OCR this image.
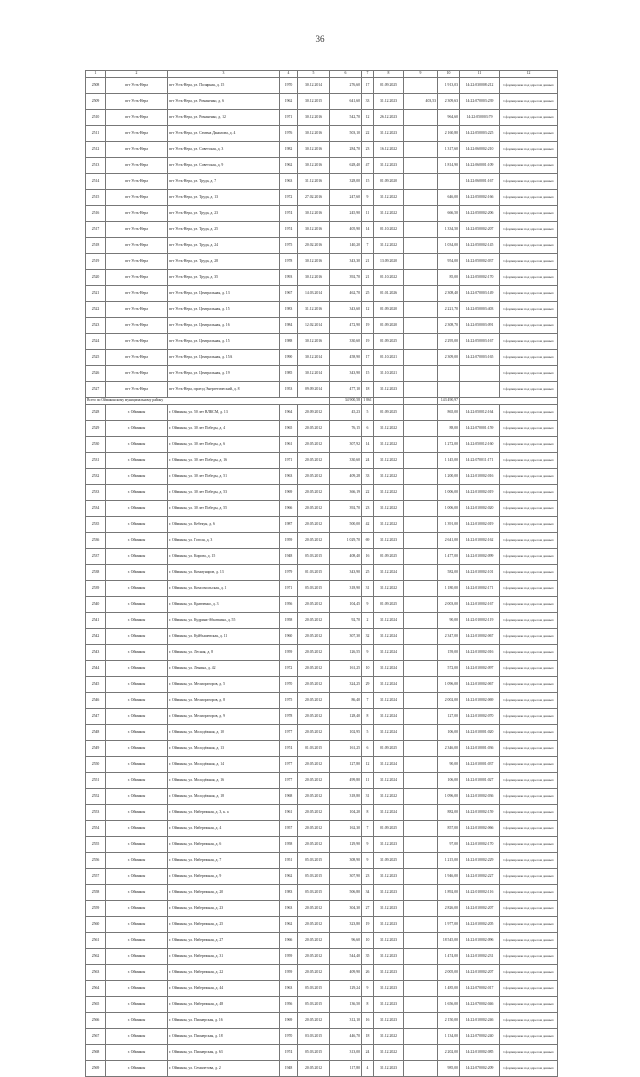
36
1	2	3	4	5	6	7	8	9	10	11	12
2508	пгт Усть-Нера	пгт Усть-Нера, ул. Полярная, д. 15	1970	30.12.2014	276,60	17	01.09.2025		1 913,03	14:22:030008:212	Сформирован под адресом данных
2509	пгт Усть-Нера	пгт Усть-Нера, ул. Романенко, д. 6	1962	30.12.2015	641,60	33	31.12.2023	403,53	2 309,63	14:22:070003:239	Сформирован под адресом данных
2510	пгт Усть-Нера	пгт Усть-Нера, ул. Романенко, д. 12	1971	30.12.2016	542,70	12	26.12.2023		964,60	14:22:050003:79	Сформирован под адресом данных
2511	пгт Усть-Нера	пгт Усть-Нера, ул. Семена Данилова, д. 4	1976	30.12.2016	503,10	22	31.12.2023		2 160,80	14:22:050003:225	Сформирован под адресом данных
2512	пгт Усть-Нера	пгт Усть-Нера, ул. Советская, д. 3	1982	30.12.2016	284,70	23	16.12.2022		1 317,60	14:22:060002:210	Сформирован под адресом данных
2513	пгт Усть-Нера	пгт Усть-Нера, ул. Советская, д. 9	1962	30.12.2016	628,40	47	31.12.2023		1 814,90	14:22:060001:109	Сформирован под адресом данных
2514	пгт Усть-Нера	пгт Усть-Нера, ул. Труда, д. 7	1963	31.12.2016	328,00	15	01.09.2020			14:22:060001:167	Сформирован под адресом данных
2515	пгт Усть-Нера	пгт Усть-Нера, ул. Труда, д. 13	1972	27.02.2016	247,60	9	31.12.2022		646,00	14:22:050002:166	Сформирован под адресом данных
2516	пгт Усть-Нера	пгт Усть-Нера, ул. Труда, д. 23	1974	30.12.2016	245,90	11	31.12.2022		666,50	14:22:050002:206	Сформирован под адресом данных
2517	пгт Усть-Нера	пгт Усть-Нера, ул. Труда, д. 25	1974	30.12.2016	405,90	14	01.10.2022		1 334,50	14:22:050002:207	Сформирован под адресом данных
2518	пгт Усть-Нера	пгт Усть-Нера, ул. Труда, д. 24	1975	20.02.2016	140,20	7	31.12.2022		1 034,00	14:22:050002:145	Сформирован под адресом данных
2519	пгт Усть-Нера	пгт Усть-Нера, ул. Труда, д. 28	1978	30.12.2016	343,30	21	13.09.2020		954,00	14:22:050002:037	Сформирован под адресом данных
2520	пгт Усть-Нера	пгт Усть-Нера, ул. Труда, д. 35	1993	30.12.2016	392,70	21	01.10.2022		85,00	14:22:050002:170	Сформирован под адресом данных
2521	пгт Усть-Нера	пгт Усть-Нера, ул. Центральная, д. 13	1967	14.03.2014	462,70	25	01.01.2026		2 308,40	14:22:070003:149	Сформирован под адресом данных
2522	пгт Усть-Нера	пгт Усть-Нера, ул. Центральная, д. 15	1983	31.12.2016	343,60	12	01.09.2020		2 221,70	14:22:050003:403	Сформирован под адресом данных
2523	пгт Усть-Нера	пгт Усть-Нера, ул. Центральная, д. 16	1984	12.02.2014	472,90	19	01.09.2020		2 308,70	14:22:050003:091	Сформирован под адресом данных
2524	пгт Усть-Нера	пгт Усть-Нера, ул. Центральная, д. 15	1988	30.12.2016	330,60	19	01.09.2025		2 295,00	14:22:050003:167	Сформирован под адресом данных
2525	пгт Усть-Нера	пгт Усть-Нера, ул. Центральная, д. 15А	1990	30.12.2014	458,90	17	01.10.2021		2 309,00	14:22:070003:165	Сформирован под адресом данных
2526	пгт Усть-Нера	пгт Усть-Нера, ул. Центральная, д. 19	1985	30.12.2014	343,90	15	31.10.2021				Сформирован под адресом данных
2527	пгт Усть-Нера	пгт Усть-Нера, проезд Энергетический, д. 8	1953	09.09.2014	477,10	18	31.12.2023				Сформирован под адресом данных
Всего по Оймяконскому муниципальному району					34 900,58	1 861			143 490,97		
2528	г. Оймякон	г. Оймякон, ул. 50 лет ВЛКСМ, д. 13	1964	20.09.2012	45,23	5	01.09.2025		865,00	14:22:050012:164	Сформирован под адресом данных
2529	г. Оймякон	г. Оймякон, ул. 30 лет Победы, д. 4	1965	20.05.2012	76,15	6	31.12.2022		88,00	14:22:070001:159	Сформирован под адресом данных
2530	г. Оймякон	г. Оймякон, ул. 30 лет Победы, д. 6	1961	20.05.2012	307,92	14	31.12.2022		1 272,00	14:22:050012:160	Сформирован под адресом данных
2531	г. Оймякон	г. Оймякон, ул. 30 лет Победы, д. 16	1971	20.05.2012	330,60	24	31.12.2022		1 145,00	14:22:070011:171	Сформирован под адресом данных
2532	г. Оймякон	г. Оймякон, ул. 30 лет Победы, д. 51	1963	20.05.2012	409,28	33	31.12.2022		1 200,00	14:22:010002:016	Сформирован под адресом данных
2533	г. Оймякон	г. Оймякон, ул. 30 лет Победы, д. 53	1969	20.05.2012	366,19	22	31.12.2022		1 006,00	14:22:010002:019	Сформирован под адресом данных
2534	г. Оймякон	г. Оймякон, ул. 30 лет Победы, д. 55	1966	20.05.2012	392,70	23	31.12.2022		1 006,00	14:22:010002:020	Сформирован под адресом данных
2535	г. Оймякон	г. Оймякон, ул. Кебекун, д. 6	1987	20.05.2012	500,00	42	31.12.2022		1 391,00	14:22:010002:019	Сформирован под адресом данных
2536	г. Оймякон	г. Оймякон, ул. Гоголя, д. 3	1959	20.05.2012	1 029,70	69	31.12.2023		2 641,00	14:22:010002:162	Сформирован под адресом данных
2537	г. Оймякон	г. Оймякон, ул. Кирова, д. 15	1948	05.03.2015	408,40	16	01.09.2025		1 477,00	14:22:010002:099	Сформирован под адресом данных
2538	г. Оймякон	г. Оймякон, ул. Коммунаров, д. 13	1979	01.03.2015	343,90	25	31.12.2024		582,00	14:22:010002:101	Сформирован под адресом данных
2539	г. Оймякон	г. Оймякон, ул. Комсомольская, д. 1	1971	05.03.2015	318,90	31	31.12.2022		1 180,00	14:22:010002:171	Сформирован под адресом данных
2540	г. Оймякон	г. Оймякон, ул. Кравченко, д. 3	1956	20.05.2012	104,45	9	01.09.2025		2 003,00	14:22:010002:167	Сформирован под адресом данных
2541	г. Оймякон	г. Оймякон, ул. Кудрина-Абкаткина, д. 55	1958	20.05.2012	92,70	2	31.12.2024		90,00	14:22:010002:119	Сформирован под адресом данных
2542	г. Оймякон	г. Оймякон, ул. Куйбышевская, д. 11	1960	20.05.2012	307,30	32	31.12.2024		2 347,00	14:22:010002:067	Сформирован под адресом данных
2543	г. Оймякон	г. Оймякон, ул. Лесная, д. 8	1959	20.05.2012	126,55	9	31.12.2024		159,00	14:22:010002:016	Сформирован под адресом данных
2544	г. Оймякон	г. Оймякон, ул. Ленина, д. 42	1972	20.05.2012	161,25	10	31.12.2024		572,00	14:22:010002:097	Сформирован под адресом данных
2545	г. Оймякон	г. Оймякон, ул. Мелиораторов, д. 5	1970	20.05.2012	324,25	29	31.12.2024		1 096,00	14:22:010002:067	Сформирован под адресом данных
2546	г. Оймякон	г. Оймякон, ул. Мелиораторов, д. 8	1975	20.05.2012	86,40	7	31.12.2024		2 002,00	14:22:010002:069	Сформирован под адресом данных
2547	г. Оймякон	г. Оймякон, ул. Мелиораторов, д. 9	1978	20.05.2012	128,40	8	31.12.2024		127,00	14:22:010002:070	Сформирован под адресом данных
2548	г. Оймякон	г. Оймякон, ул. Молодёжная, д. 10	1977	20.05.2012	102,95	5	31.12.2024		106,00	14:22:010001:020	Сформирован под адресом данных
2549	г. Оймякон	г. Оймякон, ул. Молодёжная, д. 13	1974	01.03.2015	161,25	6	01.09.2025		2 346,00	14:22:010001:036	Сформирован под адресом данных
2550	г. Оймякон	г. Оймякон, ул. Молодёжная, д. 14	1977	20.05.2012	127,80	12	31.12.2024		90,00	14:22:010001:037	Сформирован под адресом данных
2551	г. Оймякон	г. Оймякон, ул. Молодёжная, д. 16	1977	20.05.2012	499,80	11	31.12.2024		106,00	14:22:010001:027	Сформирован под адресом данных
2552	г. Оймякон	г. Оймякон, ул. Молодёжная, д. 18	1968	20.05.2012	318,80	31	31.12.2022		1 096,00	14:22:010002:036	Сформирован под адресом данных
2553	г. Оймякон	г. Оймякон, ул. Набережная, д. 3, к. а	1961	20.05.2012	104,20	8	31.12.2024		882,00	14:22:010002:159	Сформирован под адресом данных
2554	г. Оймякон	г. Оймякон, ул. Набережная, д. 4	1957	20.05.2012	162,30	7	01.09.2025		857,00	14:22:010002:066	Сформирован под адресом данных
2555	г. Оймякон	г. Оймякон, ул. Набережная, д. 6	1958	20.05.2012	129,90	9	31.12.2023		97,00	14:22:010002:170	Сформирован под адресом данных
2556	г. Оймякон	г. Оймякон, ул. Набережная, д. 7	1951	05.03.2015	308,90	9	31.09.2025		1 215,00	14:22:010002:229	Сформирован под адресом данных
2557	г. Оймякон	г. Оймякон, ул. Набережная, д. 9	1962	05.03.2015	307,90	23	31.12.2023		1 946,00	14:22:010002:227	Сформирован под адресом данных
2558	г. Оймякон	г. Оймякон, ул. Набережная, д. 20	1983	05.03.2015	506,80	34	31.12.2023		1 892,00	14:22:010002:116	Сформирован под адресом данных
2559	г. Оймякон	г. Оймякон, ул. Набережная, д. 23	1963	20.05.2012	304,30	27	31.12.2023		2 826,00	14:22:010002:207	Сформирован под адресом данных
2560	г. Оймякон	г. Оймякон, ул. Набережная, д. 25	1962	20.05.2012	323,80	19	31.12.2023		1 977,00	14:22:010002:205	Сформирован под адресом данных
2561	г. Оймякон	г. Оймякон, ул. Набережная, д. 27	1966	20.05.2012	96,60	10	31.12.2023		18 545,00	14:22:010002:096	Сформирован под адресом данных
2562	г. Оймякон	г. Оймякон, ул. Набережная, д. 31	1959	20.05.2012	544,40	35	31.12.2023		1 474,00	14:22:010002:231	Сформирован под адресом данных
2563	г. Оймякон	г. Оймякон, ул. Набережная, д. 22	1959	20.05.2012	409,90	26	31.12.2023		2 005,00	14:22:010002:207	Сформирован под адресом данных
2564	г. Оймякон	г. Оймякон, ул. Набережная, д. 44	1963	05.03.2015	129,24	9	31.12.2023		1 485,00	14:22:070002:017	Сформирован под адресом данных
2565	г. Оймякон	г. Оймякон, ул. Набережная, д. 48	1956	05.03.2015	136,50	8	31.12.2023		1 656,00	14:22:070002:046	Сформирован под адресом данных
2566	г. Оймякон	г. Оймякон, ул. Пионерская, д. 16	1969	20.05.2012	312,10	16	31.12.2023		2 150,00	14:22:010002:246	Сформирован под адресом данных
2567	г. Оймякон	г. Оймякон, ул. Пионерская, д. 18	1970	03.03.2015	446,70	18	31.12.2022		1 134,00	14:22:070002:240	Сформирован под адресом данных
2568	г. Оймякон	г. Оймякон, ул. Пионерская, д. 63	1974	05.03.2015	313,00	24	31.12.2022		2 202,00	14:22:010002:085	Сформирован под адресом данных
2569	г. Оймякон	г. Оймякон, ул. Семилетова, д. 2	1948	20.05.2012	117,80	4	31.12.2023		985,00	14:22:070002:209	Сформирован под адресом данных
